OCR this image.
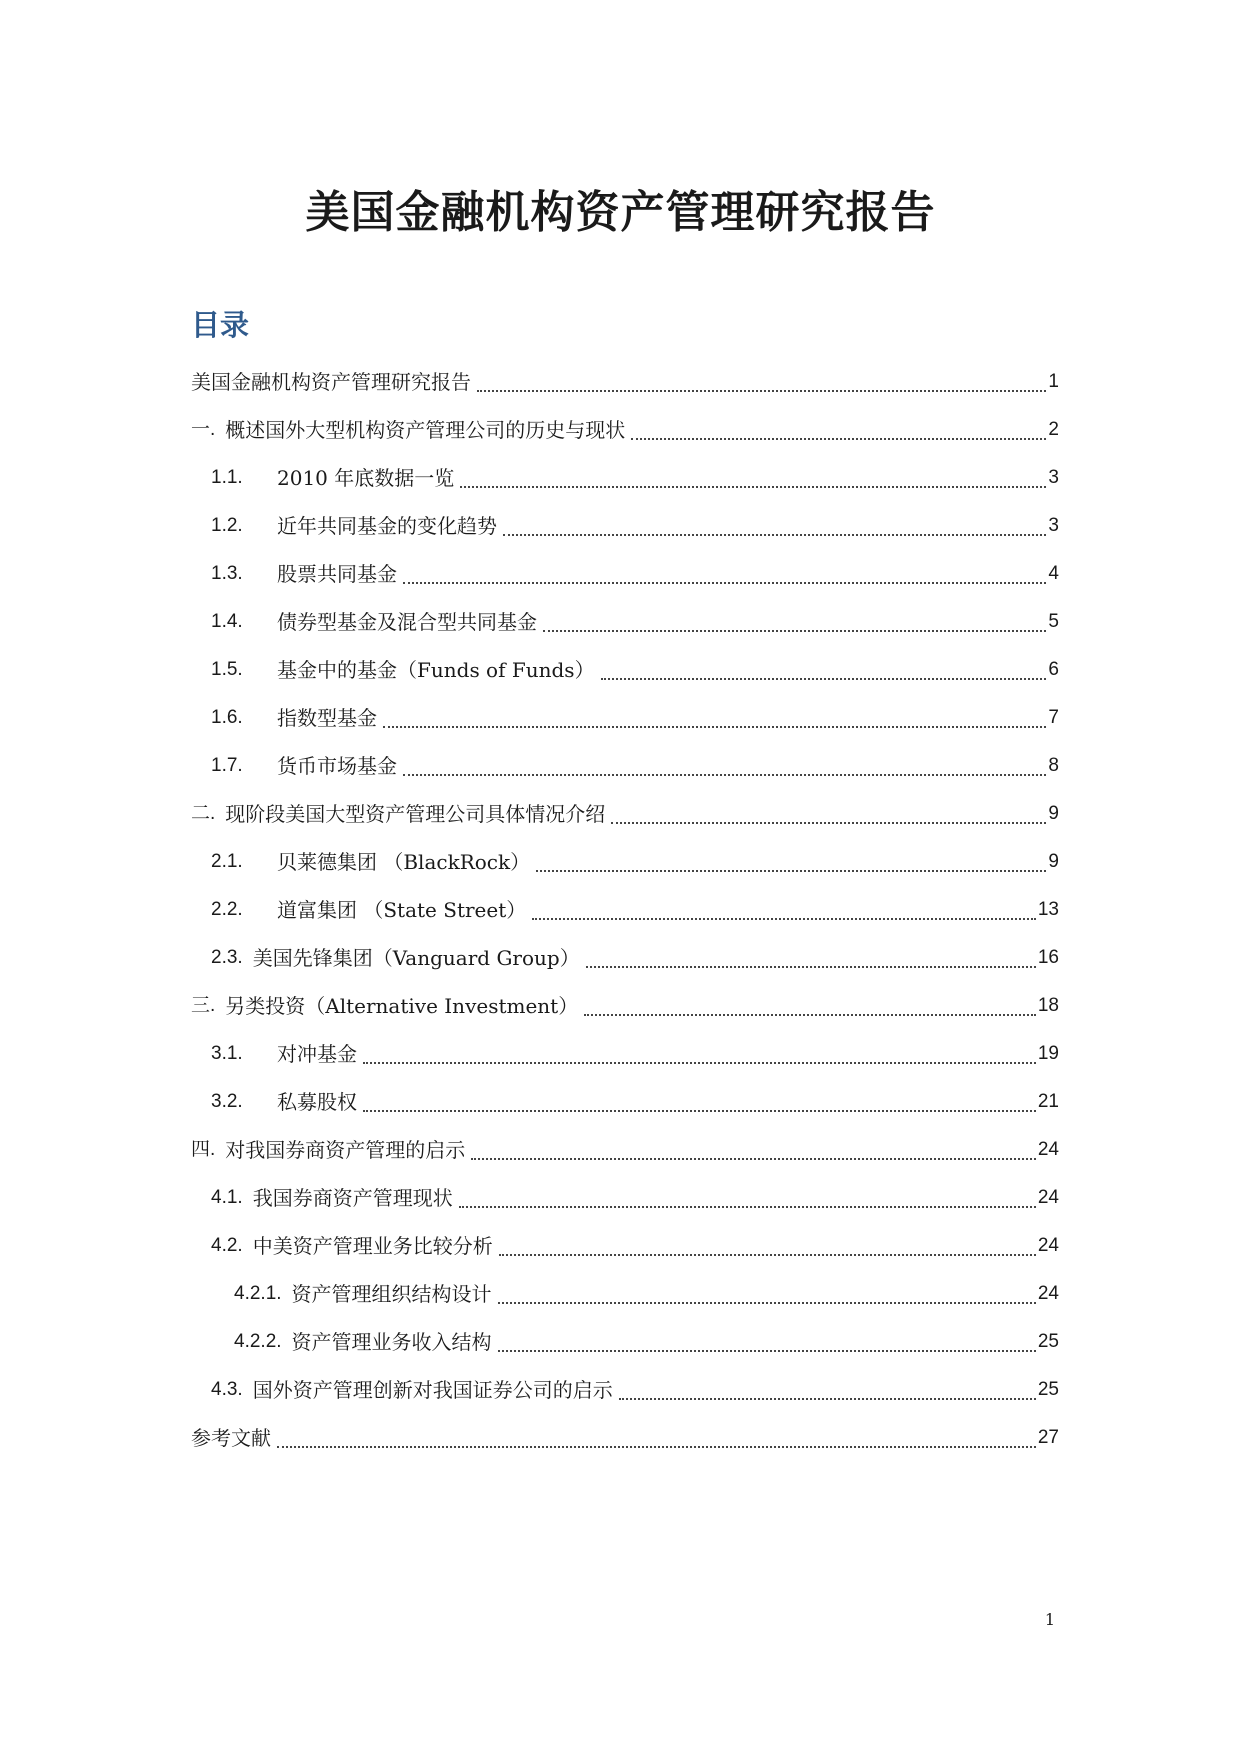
美国金融机构资产管理研究报告
目录
美国金融机构资产管理研究报告	1
一. 概述国外大型机构资产管理公司的历史与现状	2
1.1.	2010 年底数据一览	3
1.2.	近年共同基金的变化趋势	3
1.3.	股票共同基金	4
1.4.	债券型基金及混合型共同基金	5
1.5.	基金中的基金（Funds of Funds）	6
1.6.	指数型基金	7
1.7.	货币市场基金	8
二. 现阶段美国大型资产管理公司具体情况介绍	9
2.1.	贝莱德集团 （BlackRock）	9
2.2.	道富集团 （State Street）	13
2.3. 美国先锋集团（Vanguard Group）	16
三. 另类投资（Alternative Investment）	18
3.1.	对冲基金	19
3.2.	私募股权	21
四. 对我国券商资产管理的启示	24
4.1. 我国券商资产管理现状	24
4.2. 中美资产管理业务比较分析	24
4.2.1. 资产管理组织结构设计	24
4.2.2. 资产管理业务收入结构	25
4.3. 国外资产管理创新对我国证券公司的启示	25
参考文献	27
1
